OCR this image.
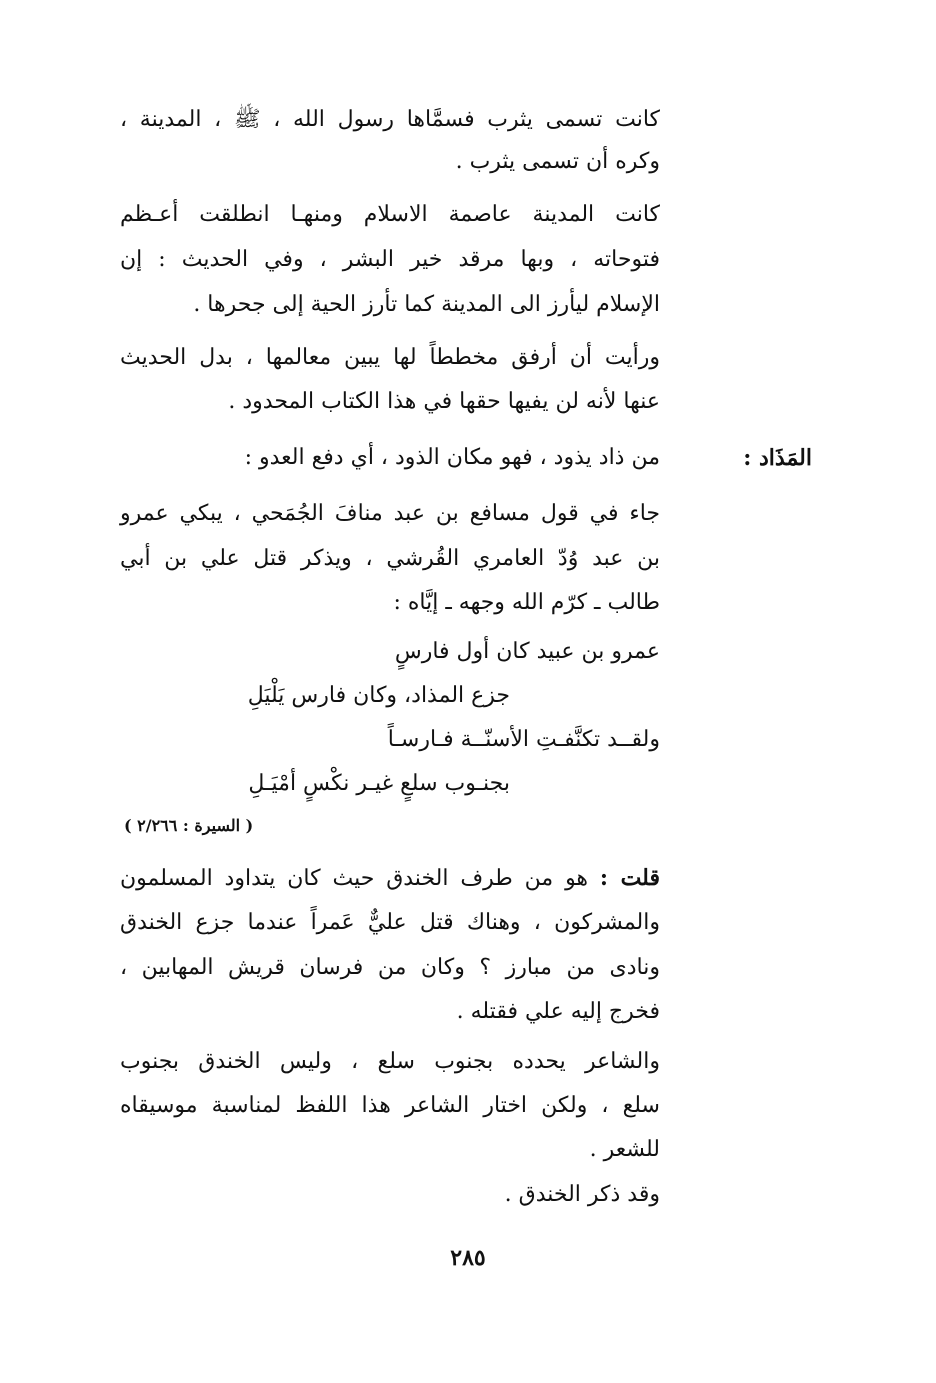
كانت تسمى يثرب فسمَّاها رسول الله ، ﷺ ، المدينة ،
وكره أن تسمى يثرب .
كانت المدينة عاصمة الاسلام ومنهـا انطلقت أعـظم
فتوحاته ، وبها مرقد خير البشر ، وفي الحديث : إن
الإسلام ليأرز الى المدينة كما تأرز الحية إلى جحرها .
ورأيت أن أرفق مخططاً لها يبين معالمها ، بدل الحديث
عنها لأنه لن يفيها حقها في هذا الكتاب المحدود .
المَذَاد :
من ذاد يذود ، فهو مكان الذود ، أي دفع العدو :
جاء في قول مسافع بن عبد منافَ الجُمَحي ، يبكي عمرو
بن عبد وُدّ العامري القُرشي ، ويذكر قتل علي بن أبي
طالب ـ كرّم الله وجهه ـ إيَّاه :
عمرو بن عبيد كان أول فارسٍ
جزع المذاد، وكان فارس يَلْيَلِ
ولقــد تكنَّفـتِ الأسنّــة فـارسـاً
بجنـوب سلعٍ غيـر نكْسٍ أمْيَـلِ
( السيرة : ٢/٢٦٦ )
قلت : هو من طرف الخندق حيث كان يتداود المسلمون
والمشركون ، وهناك قتل عليٌّ عَمراً عندما جزع الخندق
ونادى من مبارز ؟ وكان من فرسان قريش المهابين ،
فخرج إليه علي فقتله .
والشاعر يحدده بجنوب سلع ، وليس الخندق بجنوب
سلع ، ولكن اختار الشاعر هذا اللفظ لمناسبة موسيقاه
للشعر .
وقد ذكر الخندق .
٢٨٥
